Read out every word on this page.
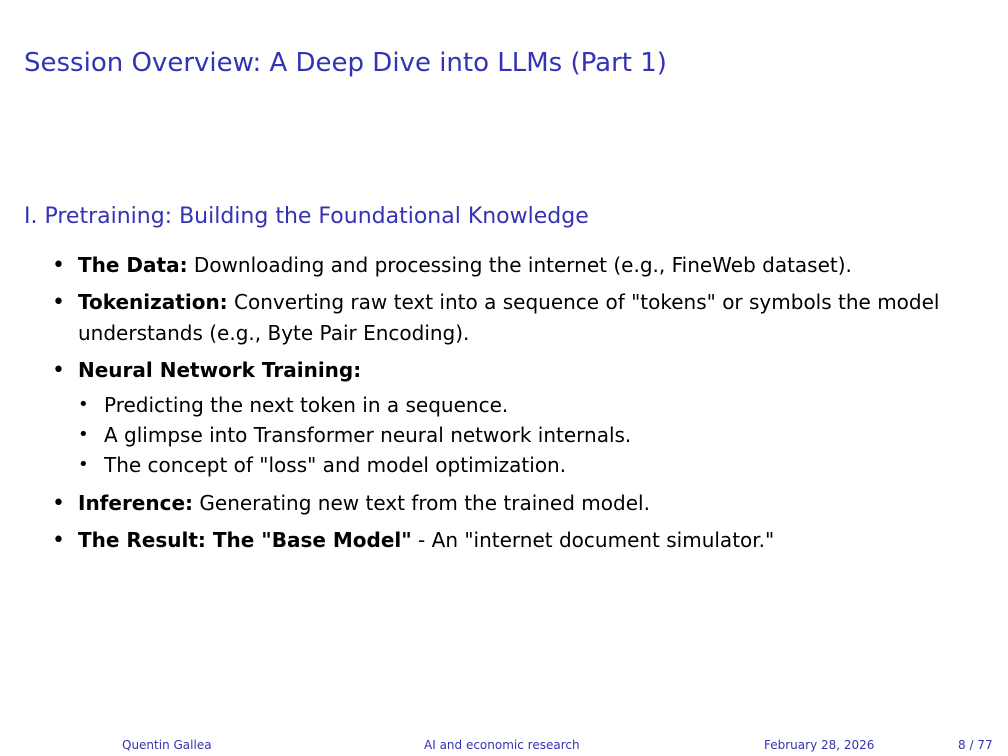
Session Overview: A Deep Dive into LLMs (Part 1)
I. Pretraining: Building the Foundational Knowledge
• The Data: Downloading and processing the internet (e.g., FineWeb dataset).
• Tokenization: Converting raw text into a sequence of "tokens" or symbols the model understands (e.g., Byte Pair Encoding).
• Neural Network Training:
• Predicting the next token in a sequence.
• A glimpse into Transformer neural network internals.
• The concept of "loss" and model optimization.
• Inference: Generating new text from the trained model.
• The Result: The "Base Model" - An "internet document simulator."
Quentin Gallea	AI and economic research	February 28, 2026	8 / 77
